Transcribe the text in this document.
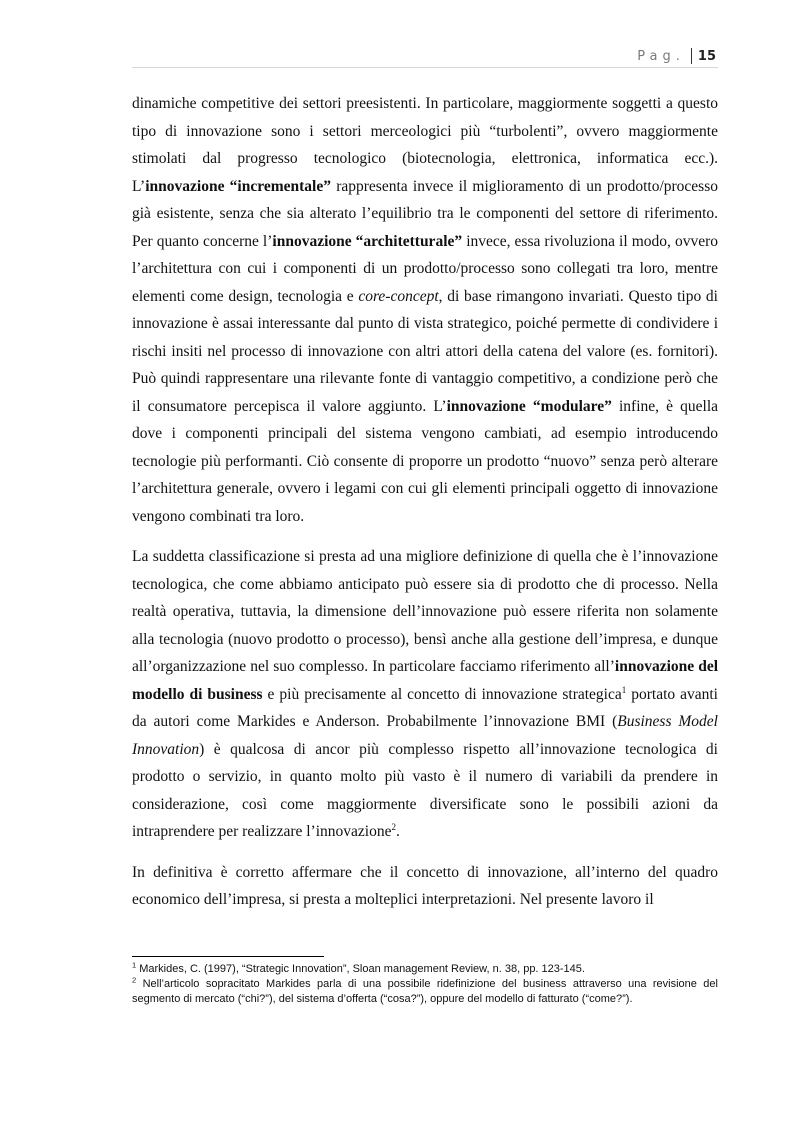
Pag. 15

dinamiche competitive dei settori preesistenti. In particolare, maggiormente soggetti a questo tipo di innovazione sono i settori merceologici più “turbolenti”, ovvero maggiormente stimolati dal progresso tecnologico (biotecnologia, elettronica, informatica ecc.). L’innovazione “incrementale” rappresenta invece il miglioramento di un prodotto/processo già esistente, senza che sia alterato l’equilibrio tra le componenti del settore di riferimento. Per quanto concerne l’innovazione “architetturale” invece, essa rivoluziona il modo, ovvero l’architettura con cui i componenti di un prodotto/processo sono collegati tra loro, mentre elementi come design, tecnologia e core-concept, di base rimangono invariati. Questo tipo di innovazione è assai interessante dal punto di vista strategico, poiché permette di condividere i rischi insiti nel processo di innovazione con altri attori della catena del valore (es. fornitori). Può quindi rappresentare una rilevante fonte di vantaggio competitivo, a condizione però che il consumatore percepisca il valore aggiunto. L’innovazione “modulare” infine, è quella dove i componenti principali del sistema vengono cambiati, ad esempio introducendo tecnologie più performanti. Ciò consente di proporre un prodotto “nuovo” senza però alterare l’architettura generale, ovvero i legami con cui gli elementi principali oggetto di innovazione vengono combinati tra loro.

La suddetta classificazione si presta ad una migliore definizione di quella che è l’innovazione tecnologica, che come abbiamo anticipato può essere sia di prodotto che di processo. Nella realtà operativa, tuttavia, la dimensione dell’innovazione può essere riferita non solamente alla tecnologia (nuovo prodotto o processo), bensì anche alla gestione dell’impresa, e dunque all’organizzazione nel suo complesso. In particolare facciamo riferimento all’innovazione del modello di business e più precisamente al concetto di innovazione strategica$^1$ portato avanti da autori come Markides e Anderson. Probabilmente l’innovazione BMI (Business Model Innovation) è qualcosa di ancor più complesso rispetto all’innovazione tecnologica di prodotto o servizio, in quanto molto più vasto è il numero di variabili da prendere in considerazione, così come maggiormente diversificate sono le possibili azioni da intraprendere per realizzare l’innovazione$^2$.

In definitiva è corretto affermare che il concetto di innovazione, all’interno del quadro economico dell’impresa, si presta a molteplici interpretazioni. Nel presente lavoro il

$^1$ Markides, C. (1997), “Strategic Innovation”, Sloan management Review, n. 38, pp. 123-145.

$^2$ Nell’articolo sopracitato Markides parla di una possibile ridefinizione del business attraverso una revisione del segmento di mercato (“chi?”), del sistema d’offerta (“cosa?”), oppure del modello di fatturato (“come?”).
